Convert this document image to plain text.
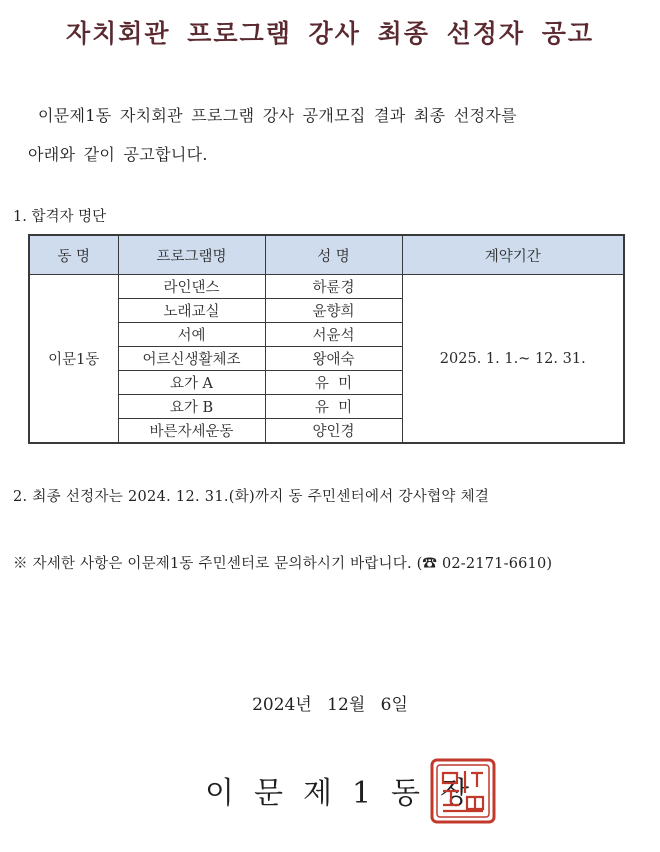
자치회관 프로그램 강사 최종 선정자 공고
이문제1동 자치회관 프로그램 강사 공개모집 결과 최종 선정자를
아래와 같이 공고합니다.
1. 합격자 명단
동 명	프로그램명	성 명	계약기간
이문1동	라인댄스	하륜경	2025. 1. 1.~ 12. 31.
	노래교실	윤향희	
	서예	서윤석	
	어르신생활체조	왕애숙	
	요가 A	유  미	
	요가 B	유  미	
	바른자세운동	양인경	
2. 최종 선정자는 2024. 12. 31.(화)까지 동 주민센터에서 강사협약 체결
※ 자세한 사항은 이문제1동 주민센터로 문의하시기 바랍니다. (☎ 02-2171-6610)
2024년 12월 6일
이문제1동장
